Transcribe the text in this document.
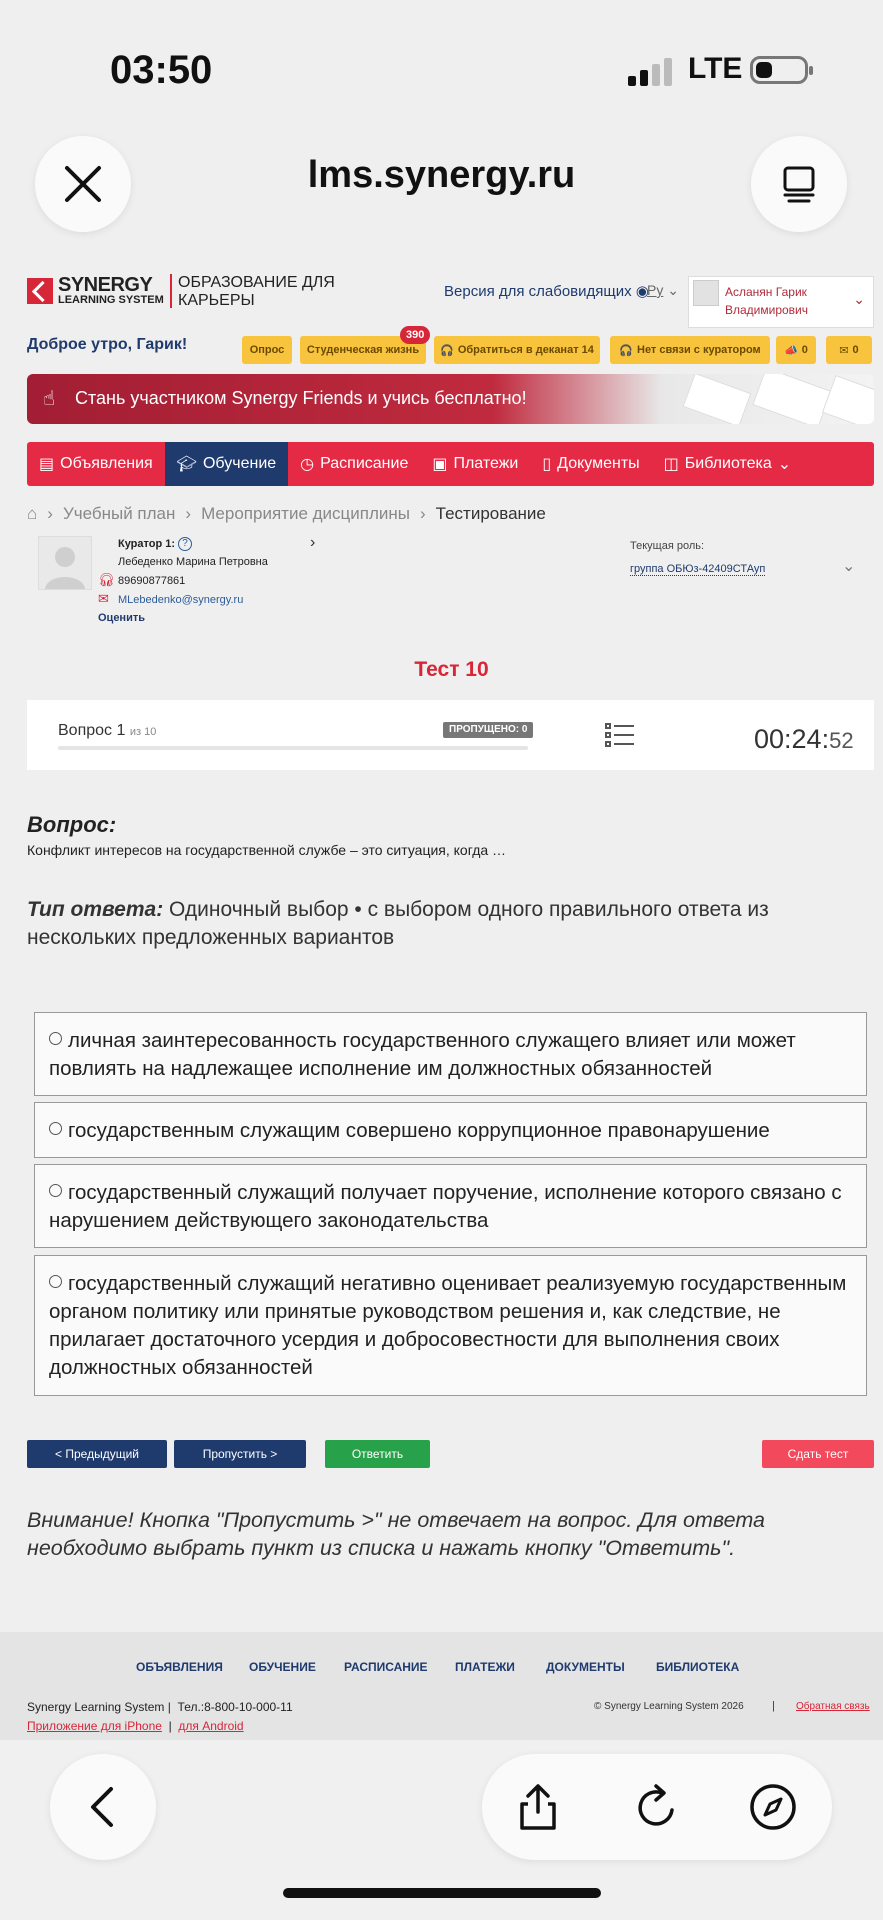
03:50	LTE
lms.synergy.ru
SYNERGY
LEARNING SYSTEM
ОБРАЗОВАНИЕ ДЛЯ КАРЬЕРЫ
Версия для слабовидящих ◉
Ру ⌄	Асланян Гарик Владимирович
⌄
Доброе утро, Гарик!	Опрос Студенческая жизнь
390
🎧 Обратиться в деканат 14 🎧 Нет связи с куратором 📣 0	✉ 0
☝ Стань участником Synergy Friends и учись бесплатно!
▤ Объявления 🎓︎ Обучение ◷ Расписание ▣ Платежи ▯ Документы ◫ Библиотека ⌄
⌂ › Учебный план › Мероприятие дисциплины › Тестирование
Куратор 1: ?	›
Лебеденко Марина Петровна
🎧︎ 89690877861
✉ MLebedenko@synergy.ru
Оценить
Текущая роль:
группа ОБЮз-42409СТАуп	⌄
Тест 10
Вопрос 1 из 10	ПРОПУЩЕНО: 0	00:24:52
Вопрос:
Конфликт интересов на государственной службе – это ситуация, когда …
Тип ответа: Одиночный выбор • с выбором одного правильного ответа из нескольких предложенных вариантов
личная заинтересованность государственного служащего влияет или может повлиять на надлежащее исполнение им должностных обязанностей
государственным служащим совершено коррупционное правонарушение
государственный служащий получает поручение, исполнение которого связано с нарушением действующего законодательства
государственный служащий негативно оценивает реализуемую государственным органом политику или принятые руководством решения и, как следствие, не прилагает достаточного усердия и добросовестности для выполнения своих должностных обязанностей
< Предыдущий	Пропустить >	Ответить	Сдать тест
Внимание! Кнопка "Пропустить >" не отвечает на вопрос. Для ответа необходимо выбрать пункт из списка и нажать кнопку "Ответить".
ОБЪЯВЛЕНИЯ ОБУЧЕНИЕ РАСПИСАНИЕ ПЛАТЕЖИ	ДОКУМЕНТЫ	БИБЛИОТЕКА
Synergy Learning System |  Тел.:8-800-10-000-11
Приложение для iPhone  |  для Android
© Synergy Learning System 2026	| Обратная связь
